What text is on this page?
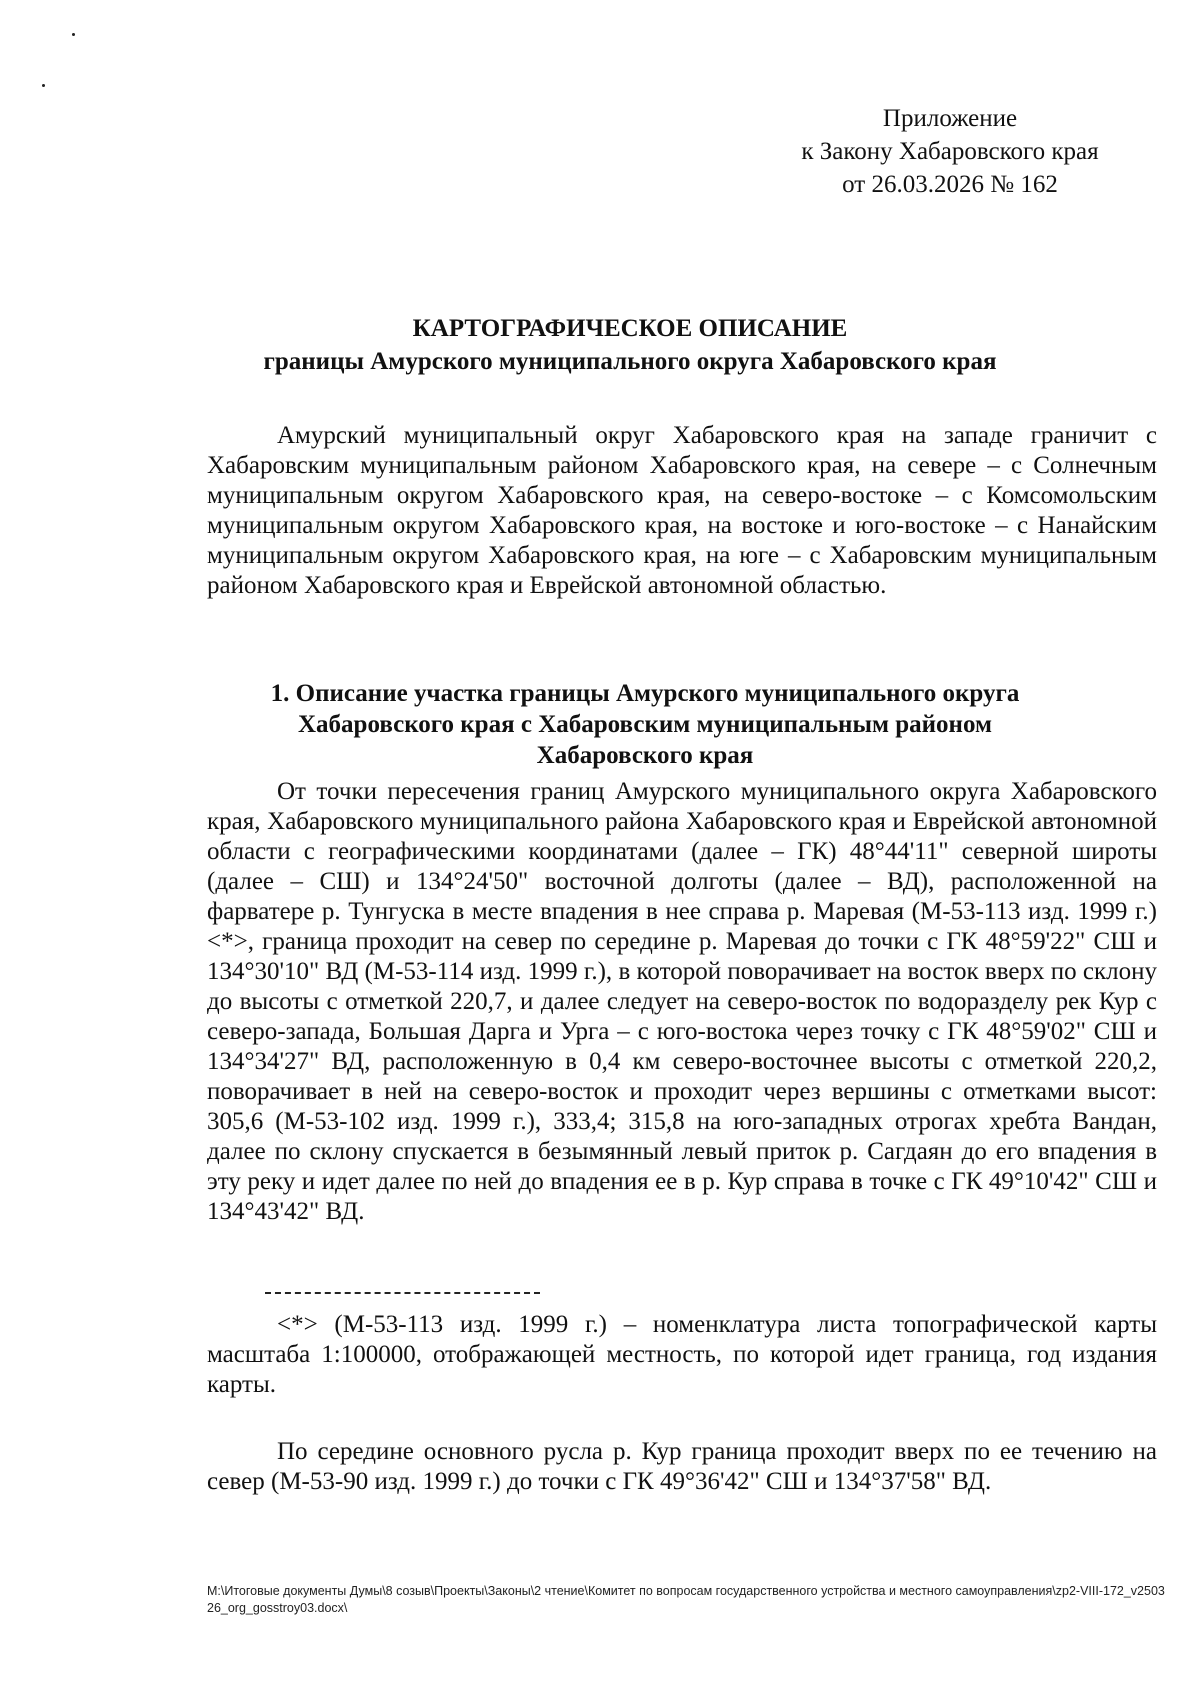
Приложение
к Закону Хабаровского края
от 26.03.2026 № 162
КАРТОГРАФИЧЕСКОЕ ОПИСАНИЕ
границы Амурского муниципального округа Хабаровского края

Амурский муниципальный округ Хабаровского края на западе граничит с Хабаровским муниципальным районом Хабаровского края, на севере – с Солнечным муниципальным округом Хабаровского края, на северо-востоке – с Комсомольским муниципальным округом Хабаровского края, на востоке и юго-востоке – с Нанайским муниципальным округом Хабаровского края, на юге – с Хабаровским муниципальным районом Хабаровского края и Еврейской автономной областью.

1. Описание участка границы Амурского муниципального округа
Хабаровского края с Хабаровским муниципальным районом
Хабаровского края

От точки пересечения границ Амурского муниципального округа Хабаровского края, Хабаровского муниципального района Хабаровского края и Еврейской автономной области с географическими координатами (далее – ГК) 48°44'11" северной широты (далее – СШ) и 134°24'50" восточной долготы (далее – ВД), расположенной на фарватере р. Тунгуска в месте впадения в нее справа р. Маревая (М-53-113 изд. 1999 г.) <*>, граница проходит на север по середине р. Маревая до точки с ГК 48°59'22" СШ и 134°30'10" ВД (М-53-114 изд. 1999 г.), в которой поворачивает на восток вверх по склону до высоты с отметкой 220,7, и далее следует на северо-восток по водоразделу рек Кур с северо-запада, Большая Дарга и Урга – с юго-востока через точку с ГК 48°59'02" СШ и 134°34'27" ВД, расположенную в 0,4 км северо-восточнее высоты с отметкой 220,2, поворачивает в ней на северо-восток и проходит через вершины с отметками высот: 305,6 (М-53-102 изд. 1999 г.), 333,4; 315,8 на юго-западных отрогах хребта Вандан, далее по склону спускается в безымянный левый приток р. Сагдаян до его впадения в эту реку и идет далее по ней до впадения ее в р. Кур справа в точке с ГК 49°10'42" СШ и 134°43'42" ВД.

<*> (М-53-113 изд. 1999 г.) – номенклатура листа топографической карты масштаба 1:100000, отображающей местность, по которой идет граница, год издания карты.

По середине основного русла р. Кур граница проходит вверх по ее течению на север (М-53-90 изд. 1999 г.) до точки с ГК 49°36'42" СШ и 134°37'58" ВД.

M:\Итоговые документы Думы\8 созыв\Проекты\Законы\2 чтение\Комитет по вопросам государственного устройства и местного самоуправления\zp2-VIII-172_v250326_org_gosstroy03.docx\
